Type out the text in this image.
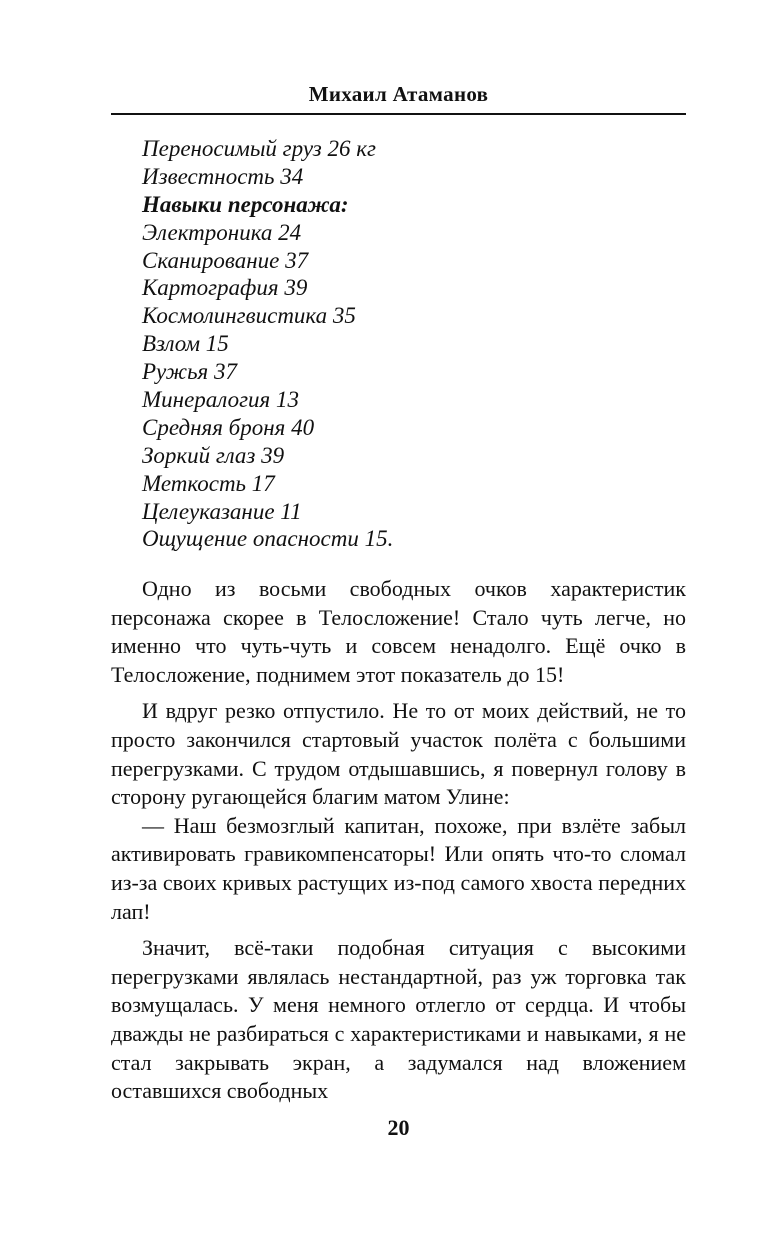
Михаил Атаманов
Переносимый груз 26 кг
Известность 34
Навыки персонажа:
Электроника 24
Сканирование 37
Картография 39
Космолингвистика 35
Взлом 15
Ружья 37
Минералогия 13
Средняя броня 40
Зоркий глаз 39
Меткость 17
Целеуказание 11
Ощущение опасности 15.

Одно из восьми свободных очков характеристик персонажа скорее в Телосложение! Стало чуть легче, но именно что чуть-чуть и совсем ненадолго. Ещё очко в Телосложение, поднимем этот показатель до 15!

И вдруг резко отпустило. Не то от моих действий, не то просто закончился стартовый участок полёта с большими перегрузками. С трудом отдышавшись, я повернул голову в сторону ругающейся благим матом Улине:

— Наш безмозглый капитан, похоже, при взлёте забыл активировать гравикомпенсаторы! Или опять что-то сломал из-за своих кривых растущих из-под самого хвоста передних лап!

Значит, всё-таки подобная ситуация с высокими перегрузками являлась нестандартной, раз уж торговка так возмущалась. У меня немного отлегло от сердца. И чтобы дважды не разбираться с характеристиками и навыками, я не стал закрывать экран, а задумался над вложением оставшихся свободных

20
